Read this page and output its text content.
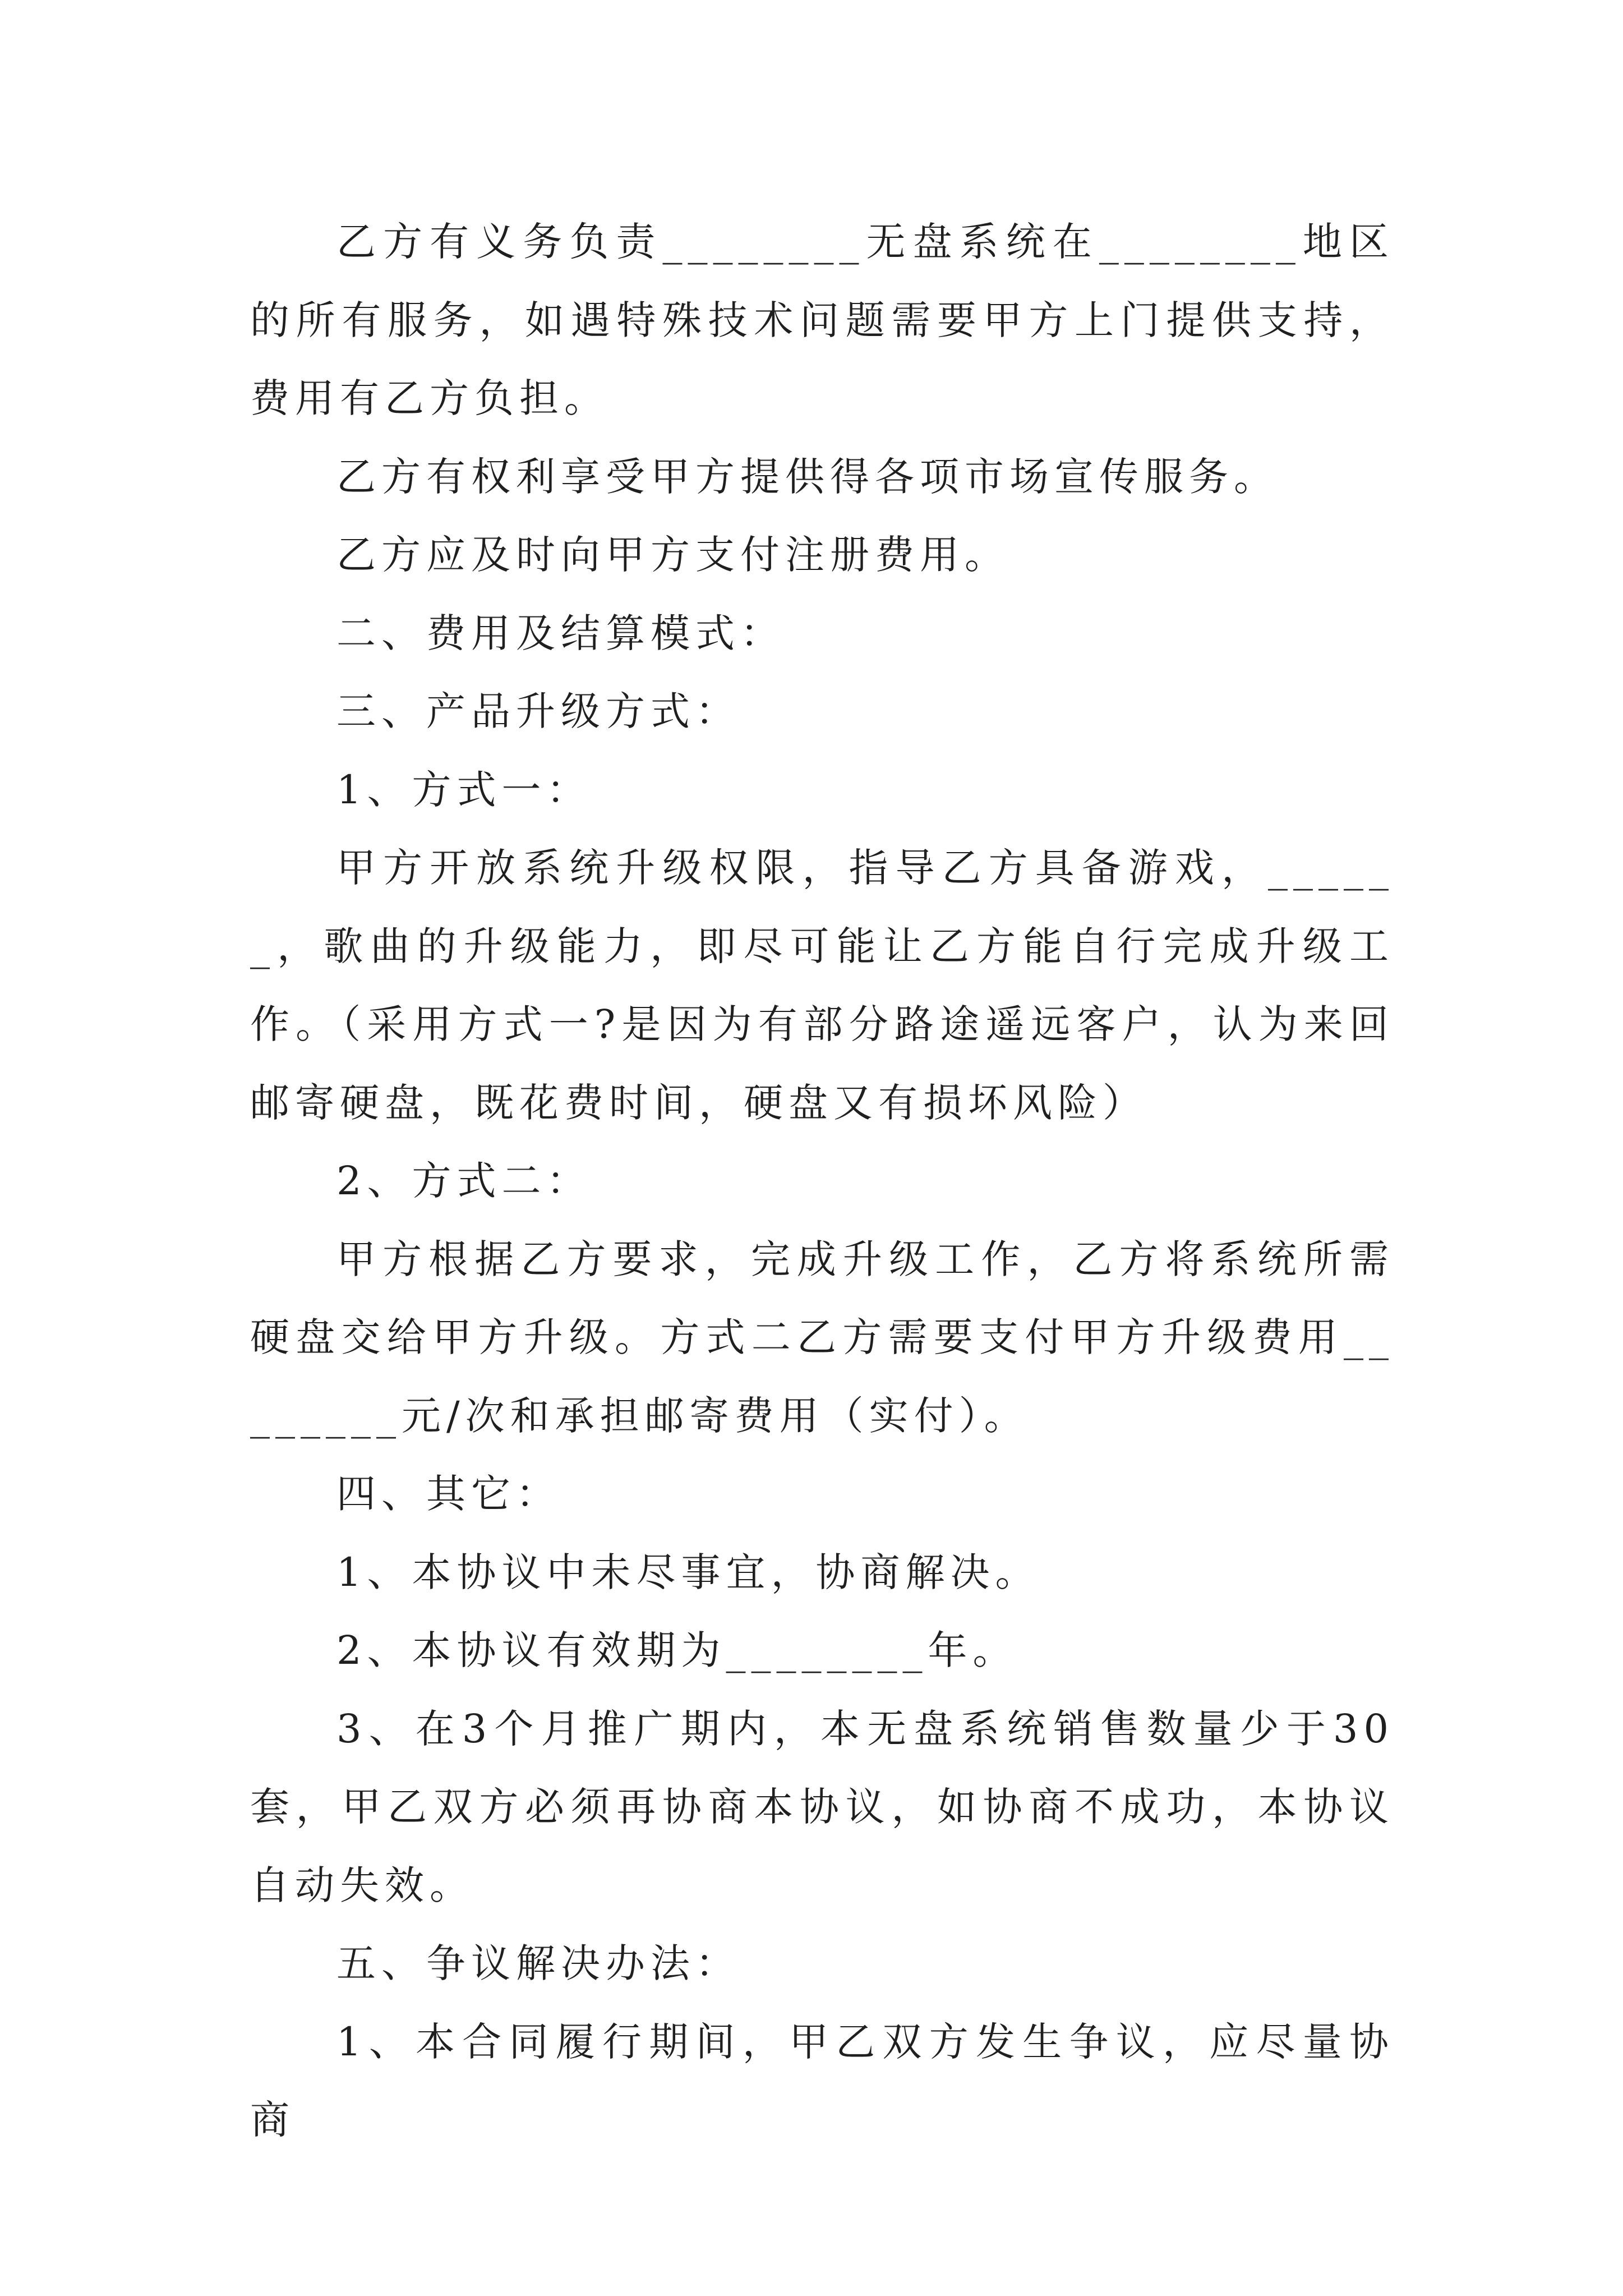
乙方有义务负责________无盘系统在________地区的所有服务，如遇特殊技术问题需要甲方上门提供支持，费用有乙方负担。

乙方有权利享受甲方提供得各项市场宣传服务。

乙方应及时向甲方支付注册费用。

二、费用及结算模式：

三、产品升级方式：

1、方式一：

甲方开放系统升级权限，指导乙方具备游戏，______，歌曲的升级能力，即尽可能让乙方能自行完成升级工作。（采用方式一?是因为有部分路途遥远客户，认为来回邮寄硬盘，既花费时间，硬盘又有损坏风险）

2、方式二：

甲方根据乙方要求，完成升级工作，乙方将系统所需硬盘交给甲方升级。方式二乙方需要支付甲方升级费用________元/次和承担邮寄费用（实付）。

四、其它：

1、本协议中未尽事宜，协商解决。

2、本协议有效期为________年。

3、在3个月推广期内，本无盘系统销售数量少于30套，甲乙双方必须再协商本协议，如协商不成功，本协议自动失效。

五、争议解决办法：

1、本合同履行期间，甲乙双方发生争议，应尽量协商
